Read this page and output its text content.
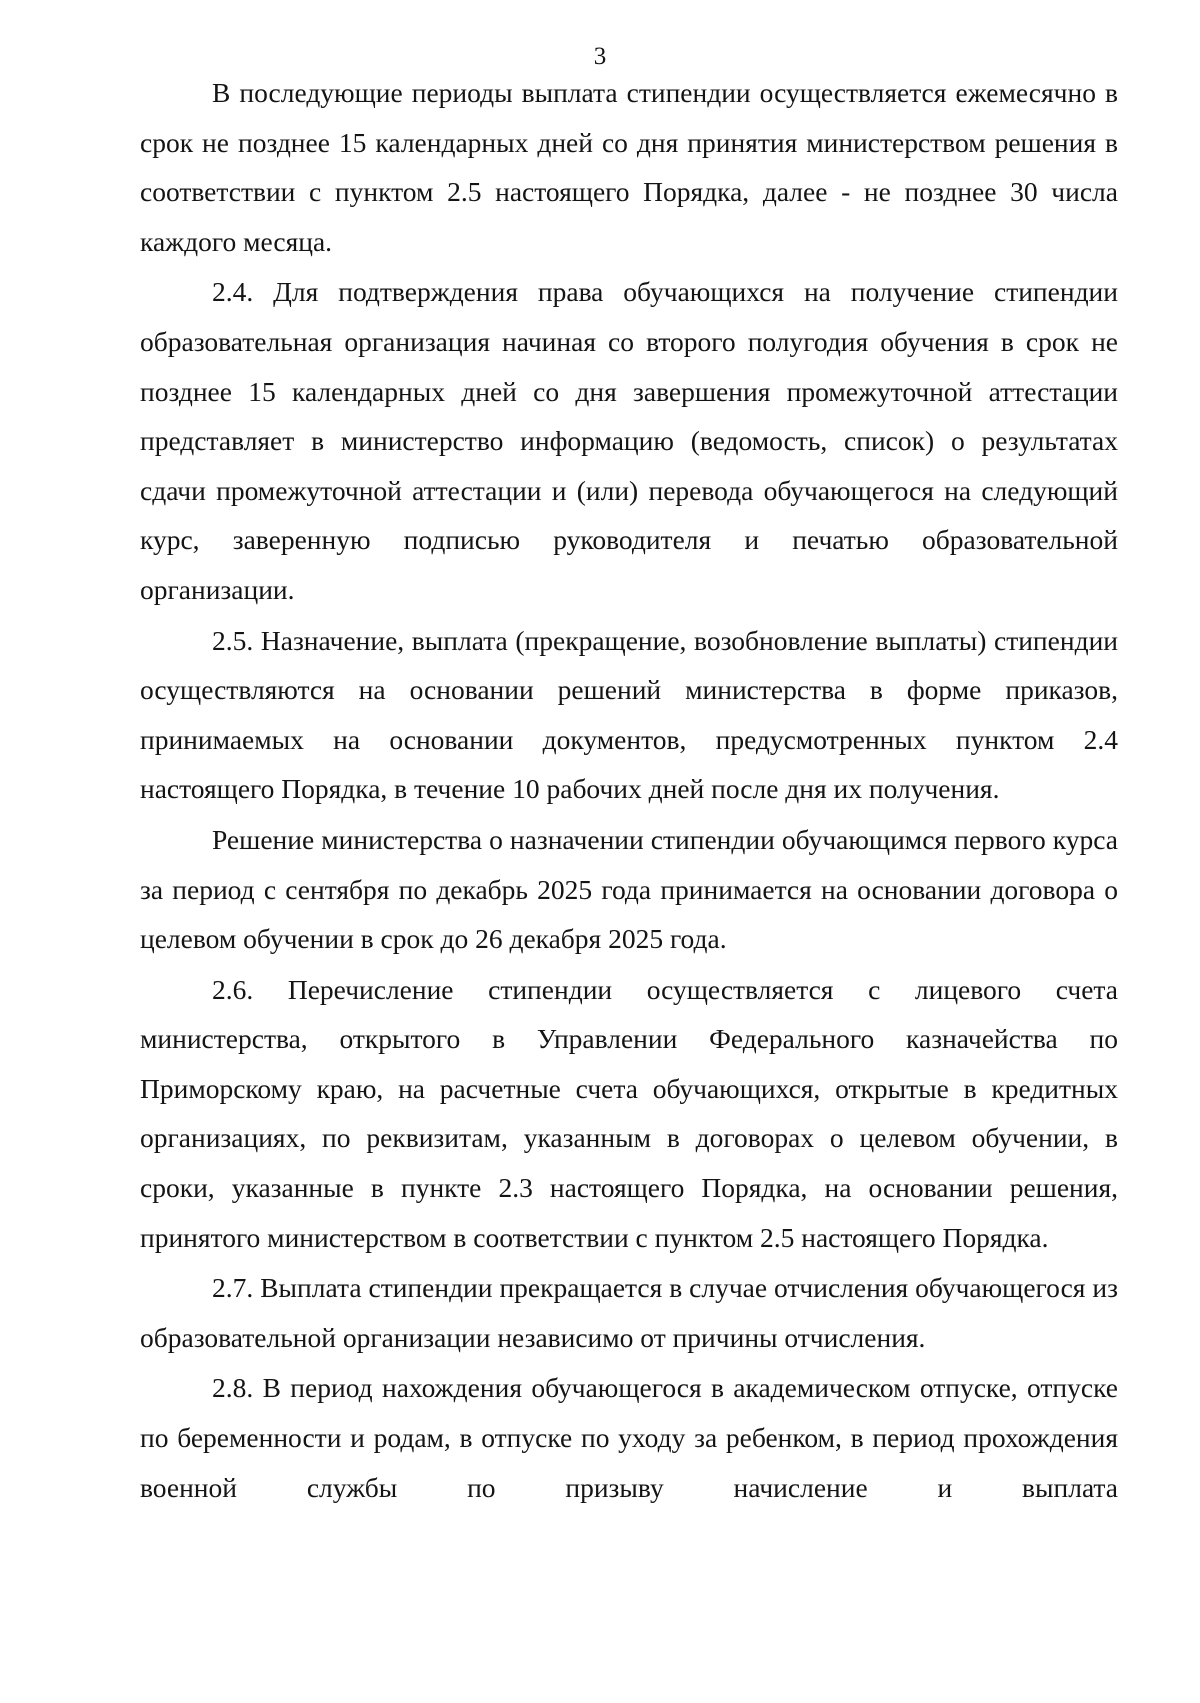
3

В последующие периоды выплата стипендии осуществляется ежемесячно в срок не позднее 15 календарных дней со дня принятия министерством решения в соответствии с пунктом 2.5 настоящего Порядка, далее - не позднее 30 числа каждого месяца.

2.4. Для подтверждения права обучающихся на получение стипендии образовательная организация начиная со второго полугодия обучения в срок не позднее 15 календарных дней со дня завершения промежуточной аттестации представляет в министерство информацию (ведомость, список) о результатах сдачи промежуточной аттестации и (или) перевода обучающегося на следующий курс, заверенную подписью руководителя и печатью образовательной организации.

2.5. Назначение, выплата (прекращение, возобновление выплаты) стипендии осуществляются на основании решений министерства в форме приказов, принимаемых на основании документов, предусмотренных пунктом 2.4 настоящего Порядка, в течение 10 рабочих дней после дня их получения.

Решение министерства о назначении стипендии обучающимся первого курса за период с сентября по декабрь 2025 года принимается на основании договора о целевом обучении в срок до 26 декабря 2025 года.

2.6. Перечисление стипендии осуществляется с лицевого счета министерства, открытого в Управлении Федерального казначейства по Приморскому краю, на расчетные счета обучающихся, открытые в кредитных организациях, по реквизитам, указанным в договорах о целевом обучении, в сроки, указанные в пункте 2.3 настоящего Порядка, на основании решения, принятого министерством в соответствии с пунктом 2.5 настоящего Порядка.

2.7. Выплата стипендии прекращается в случае отчисления обучающегося из образовательной организации независимо от причины отчисления.

2.8. В период нахождения обучающегося в академическом отпуске, отпуске по беременности и родам, в отпуске по уходу за ребенком, в период прохождения военной службы по призыву начисление и выплата
